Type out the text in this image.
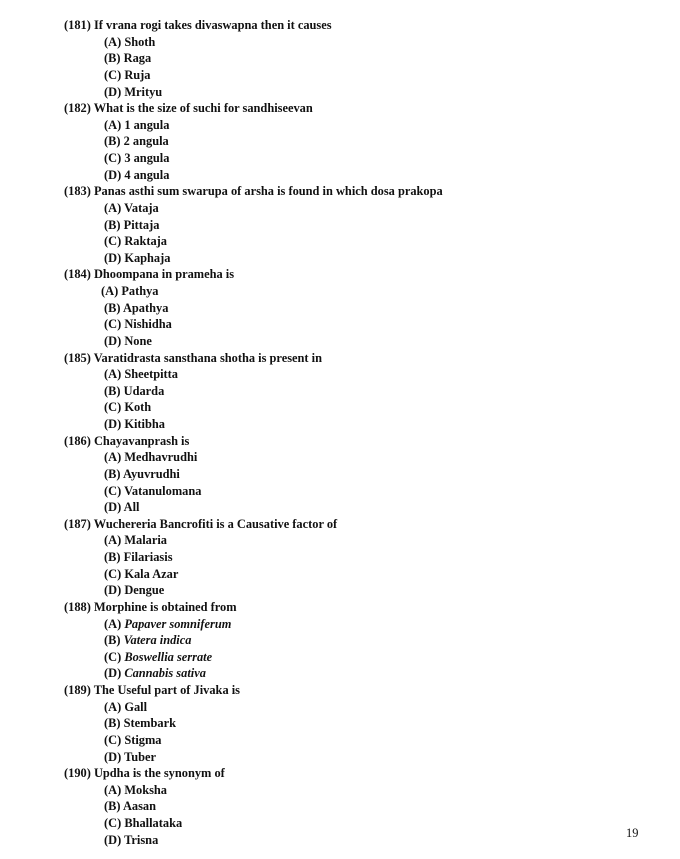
(181) If vrana rogi takes divaswapna then it causes
(A) Shoth
(B) Raga
(C) Ruja
(D) Mrityu
(182) What is the size of suchi for sandhiseevan
(A) 1 angula
(B) 2 angula
(C) 3 angula
(D) 4 angula
(183) Panas asthi sum swarupa of arsha is found in which dosa prakopa
(A) Vataja
(B) Pittaja
(C) Raktaja
(D) Kaphaja
(184) Dhoompana in prameha is
(A) Pathya
(B) Apathya
(C) Nishidha
(D) None
(185) Varatidrasta sansthana shotha is present in
(A) Sheetpitta
(B) Udarda
(C) Koth
(D) Kitibha
(186) Chayavanprash is
(A) Medhavrudhi
(B) Ayuvrudhi
(C) Vatanulomana
(D) All
(187) Wuchereria Bancrofiti is a Causative factor of
(A) Malaria
(B) Filariasis
(C) Kala Azar
(D) Dengue
(188) Morphine is obtained from
(A) Papaver somniferum
(B) Vatera indica
(C) Boswellia serrate
(D) Cannabis sativa
(189) The Useful part of Jivaka is
(A) Gall
(B) Stembark
(C) Stigma
(D) Tuber
(190) Updha is the synonym of
(A) Moksha
(B) Aasan
(C) Bhallataka
(D) Trisna	19
